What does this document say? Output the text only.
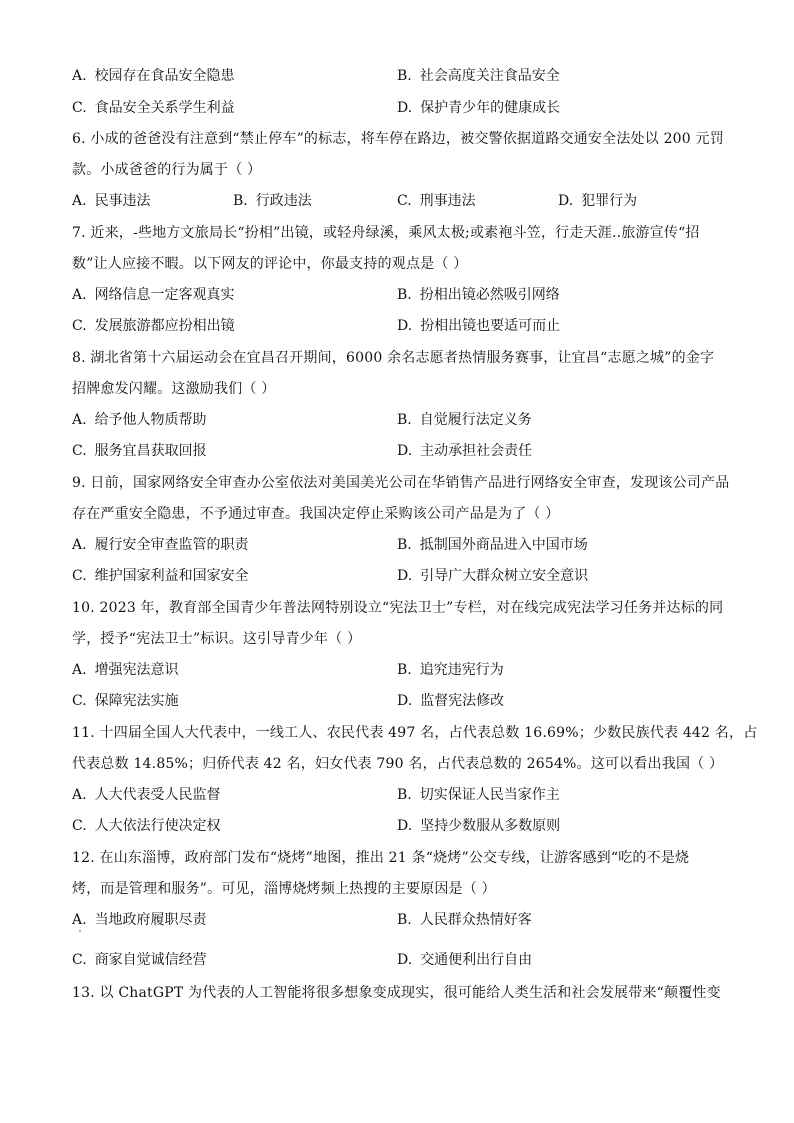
A. 校园存在食品安全隐患	B. 社会高度关注食品安全
C. 食品安全关系学生利益	D. 保护青少年的健康成长
6. 小成的爸爸没有注意到“禁止停车”的标志，将车停在路边，被交警依据道路交通安全法处以 200 元罚
款。小成爸爸的行为属于（ ）
A. 民事违法	B. 行政违法	C. 刑事违法	D. 犯罪行为
7. 近来，-些地方文旅局长“扮相”出镜，或轻舟绿溪，乘风太极;或素袍斗笠，行走天涯..旅游宣传“招
数”让人应接不暇。以下网友的评论中，你最支持的观点是（ ）
A. 网络信息一定客观真实	B. 扮相出镜必然吸引网络
C. 发展旅游都应扮相出镜	D. 扮相出镜也要适可而止
8. 湖北省第十六届运动会在宜昌召开期间，6000 余名志愿者热情服务赛事，让宜昌“志愿之城”的金字
招牌愈发闪耀。这激励我们（ ）
A. 给予他人物质帮助	B. 自觉履行法定义务
C. 服务宜昌获取回报	D. 主动承担社会责任
9. 日前，国家网络安全审查办公室依法对美国美光公司在华销售产品进行网络安全审查，发现该公司产品
存在严重安全隐患，不予通过审查。我国决定停止采购该公司产品是为了（ ）
A. 履行安全审查监管的职责	B. 抵制国外商品进入中国市场
C. 维护国家利益和国家安全	D. 引导广大群众树立安全意识
10. 2023 年，教育部全国青少年普法网特别设立“宪法卫士”专栏，对在线完成宪法学习任务并达标的同
学，授予“宪法卫士”标识。这引导青少年（ ）
A. 增强宪法意识	B. 追究违宪行为
C. 保障宪法实施	D. 监督宪法修改
11. 十四届全国人大代表中，一线工人、农民代表 497 名，占代表总数 16.69%；少数民族代表 442 名，占
代表总数 14.85%；归侨代表 42 名，妇女代表 790 名，占代表总数的 2654%。这可以看出我国（ ）
A. 人大代表受人民监督	B. 切实保证人民当家作主
C. 人大依法行使决定权	D. 坚持少数服从多数原则
12. 在山东淄博，政府部门发布“烧烤”地图，推出 21 条“烧烤”公交专线，让游客感到“吃的不是烧
烤，而是管理和服务”。可见，淄博烧烤频上热搜的主要原因是（ ）
A. 当地政府履职尽责	B. 人民群众热情好客
C. 商家自觉诚信经营	D. 交通便利出行自由
13. 以 ChatGPT 为代表的人工智能将很多想象变成现实，很可能给人类生活和社会发展带来“颠覆性变
